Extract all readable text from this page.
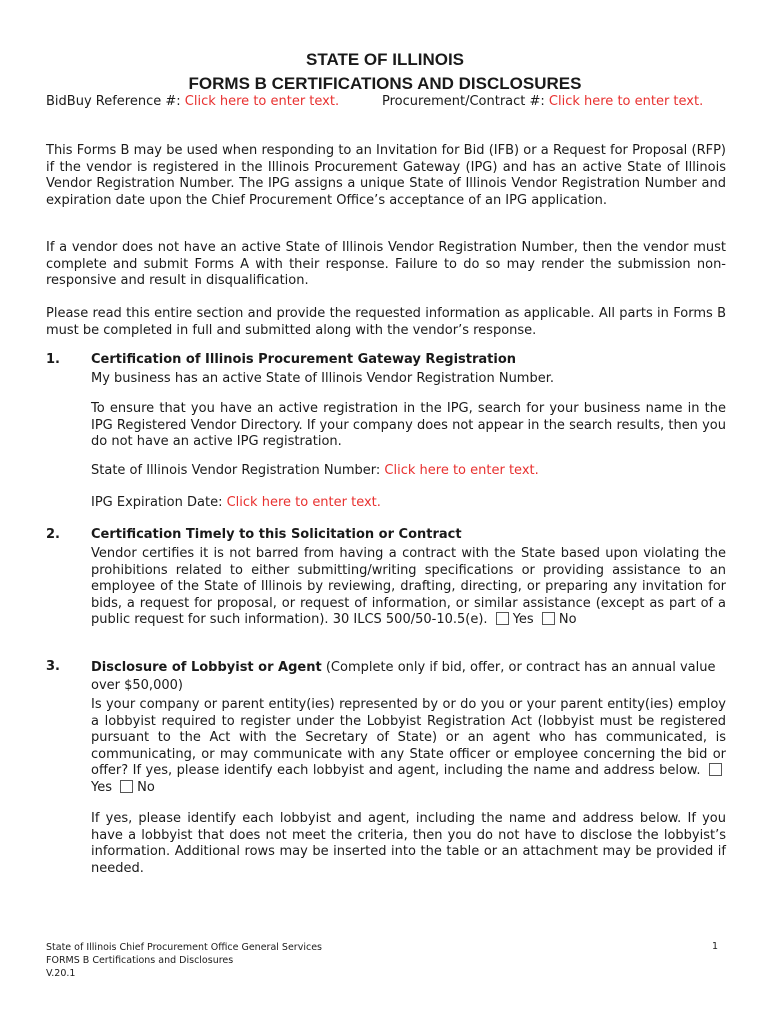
STATE OF ILLINOIS
FORMS B CERTIFICATIONS AND DISCLOSURES
BidBuy Reference #: Click here to enter text.	Procurement/Contract #: Click here to enter text.

This Forms B may be used when responding to an Invitation for Bid (IFB) or a Request for Proposal (RFP) if the vendor is registered in the Illinois Procurement Gateway (IPG) and has an active State of Illinois Vendor Registration Number. The IPG assigns a unique State of Illinois Vendor Registration Number and expiration date upon the Chief Procurement Office’s acceptance of an IPG application.

If a vendor does not have an active State of Illinois Vendor Registration Number, then the vendor must complete and submit Forms A with their response. Failure to do so may render the submission non-responsive and result in disqualification.

Please read this entire section and provide the requested information as applicable. All parts in Forms B must be completed in full and submitted along with the vendor’s response.

1. Certification of Illinois Procurement Gateway Registration
My business has an active State of Illinois Vendor Registration Number.

To ensure that you have an active registration in the IPG, search for your business name in the IPG Registered Vendor Directory. If your company does not appear in the search results, then you do not have an active IPG registration.

State of Illinois Vendor Registration Number: Click here to enter text.
IPG Expiration Date: Click here to enter text.
2. Certification Timely to this Solicitation or Contract

Vendor certifies it is not barred from having a contract with the State based upon violating the prohibitions related to either submitting/writing specifications or providing assistance to an employee of the State of Illinois by reviewing, drafting, directing, or preparing any invitation for bids, a request for proposal, or request of information, or similar assistance (except as part of a public request for such information). 30 ILCS 500/50-10.5(e). Yes No

3. Disclosure of Lobbyist or Agent (Complete only if bid, offer, or contract has an annual value over $50,000)

Is your company or parent entity(ies) represented by or do you or your parent entity(ies) employ a lobbyist required to register under the Lobbyist Registration Act (lobbyist must be registered pursuant to the Act with the Secretary of State) or an agent who has communicated, is communicating, or may communicate with any State officer or employee concerning the bid or offer? If yes, please identify each lobbyist and agent, including the name and address below. Yes No

If yes, please identify each lobbyist and agent, including the name and address below. If you have a lobbyist that does not meet the criteria, then you do not have to disclose the lobbyist’s information. Additional rows may be inserted into the table or an attachment may be provided if needed.

State of Illinois Chief Procurement Office General Services
FORMS B Certifications and Disclosures
V.20.1
1
